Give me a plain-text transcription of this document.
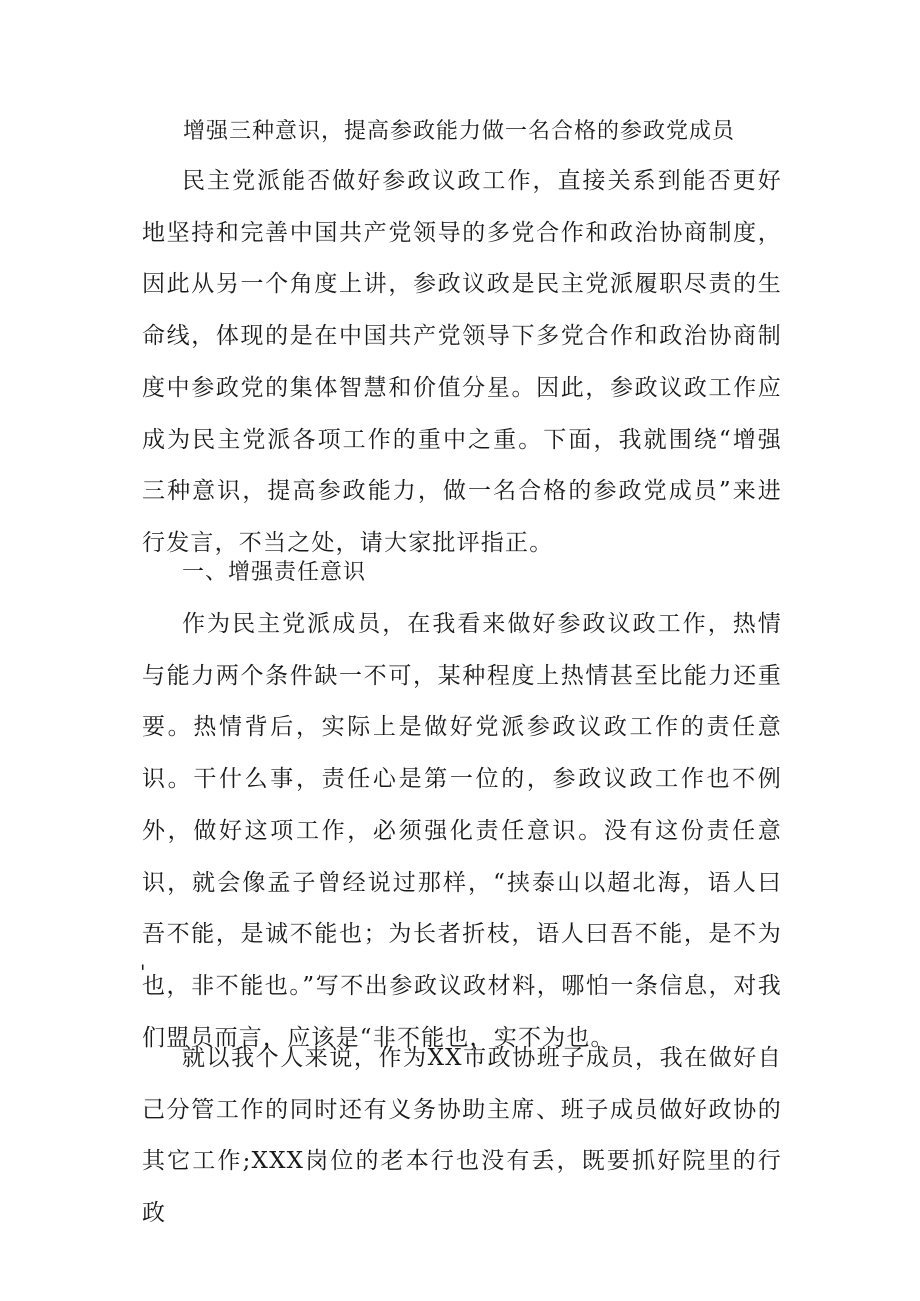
增强三种意识，提高参政能力做一名合格的参政党成员

民主党派能否做好参政议政工作，直接关系到能否更好地坚持和完善中国共产党领导的多党合作和政治协商制度，因此从另一个角度上讲，参政议政是民主党派履职尽责的生命线，体现的是在中国共产党领导下多党合作和政治协商制度中参政党的集体智慧和价值分星。因此，参政议政工作应成为民主党派各项工作的重中之重。下面，我就围绕“增强三种意识，提高参政能力，做一名合格的参政党成员”来进行发言，不当之处，请大家批评指正。

一、增强责任意识

作为民主党派成员，在我看来做好参政议政工作，热情与能力两个条件缺一不可，某种程度上热情甚至比能力还重要。热情背后，实际上是做好党派参政议政工作的责任意识。干什么事，责任心是第一位的，参政议政工作也不例外，做好这项工作，必须强化责任意识。没有这份责任意识，就会像孟子曾经说过那样，“挟泰山以超北海，语人曰吾不能，是诚不能也；为长者折枝，语人曰吾不能，是不为也，非不能也。”写不出参政议政材料，哪怕一条信息，对我们盟员而言，应该是“非不能也，实不为也。

'

就以我个人来说，作为XX市政协班子成员，我在做好自己分管工作的同时还有义务协助主席、班子成员做好政协的其它工作;XXX岗位的老本行也没有丢，既要抓好院里的行政
